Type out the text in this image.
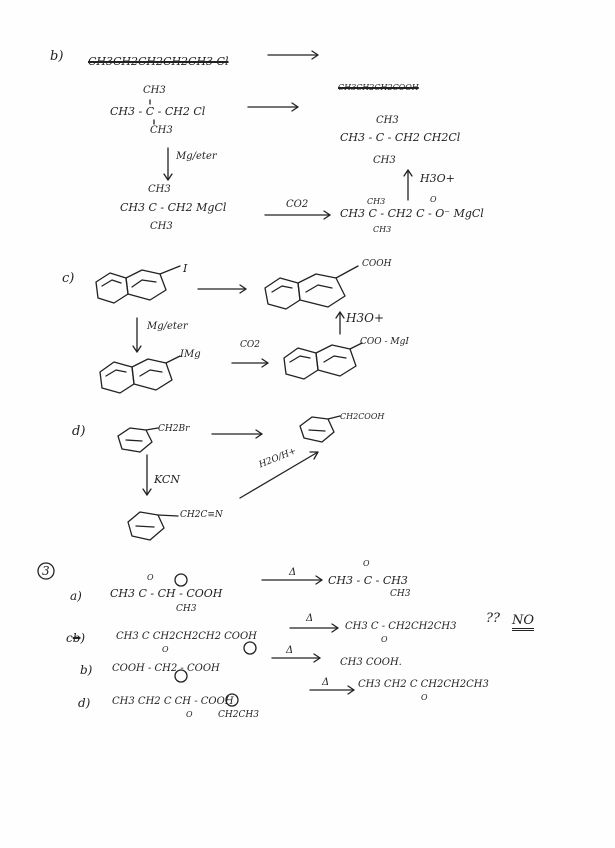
b) CH3CH2CH2CH2CH3 Cl
CH3CH2CH2COOH
CH3
CH3 - C - CH2 Cl
CH3
CH3
CH3 - C - CH2 CH2Cl
CH3
Mg/eter
CH3
CH3 C - CH2 MgCl
CH3
CO2	CH3	O
CH3 C - CH2 C - O⁻ MgCl
CH3
H3O+
c)
I	COOH
Mg/eter
IMg
CO2	COO - MgI
H3O+
d)	CH2Br
CH2COOH
KCN
CH2C≡N
H2O/H+
3
a)
O
CH3 C - CH - COOH
CH3
Δ
O
CH3 - C - CH3
CH3
cb)	CH3 C CH2CH2CH2 COOH
O
Δ
CH3 C - CH2CH2CH3
O
?? NO
b) COOH - CH2 - COOH
Δ
CH3 COOH.
d) CH3 CH2 C CH - COOH
O	CH2CH3
Δ	CH3 CH2 C CH2CH2CH3
O
